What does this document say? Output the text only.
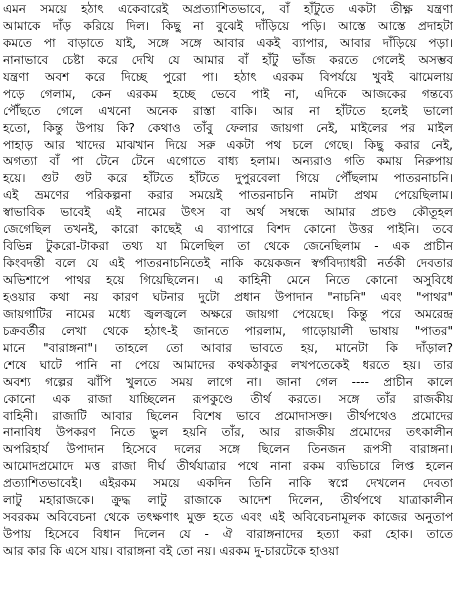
এমন সময়ে হঠাৎ একেবারেই অপ্রত্যাশিতভাবে, বাঁ হাঁটুতে একটা তীক্ষ্ণ যন্ত্রণা
আমাকে দাঁড় করিয়ে দিল। কিছু না বুঝেই দাঁড়িয়ে পড়ি। আস্তে আস্তে প্রদাহটা
কমতে পা বাড়াতে যাই, সঙ্গে সঙ্গে আবার একই ব্যাপার, আবার দাঁড়িয়ে পড়া।
নানাভাবে চেষ্টা করে দেখি যে আমার বাঁ হাঁটু ভাঁজ করতে গেলেই অসম্ভব
যন্ত্রণা অবশ করে দিচ্ছে পুরো পা। হঠাৎ এরকম বিপর্যয়ে খুবই ঝামেলায়
পড়ে গেলাম, কেন এরকম হচ্ছে ভেবে পাই না, এদিকে আজকের গন্তব্যে
পৌঁছতে গেলে এখনো অনেক রাস্তা বাকি। আর না হাঁটতে হলেই ভালো
হতো, কিন্তু উপায় কি? কেথাও তাঁবু ফেলার জায়গা নেই, মাইলের পর মাইল
পাহাড় আর খাদের মাঝখান দিয়ে সরু একটা পথ চলে গেছে। কিছু করার নেই,
অগত্যা বাঁ পা টেনে টেনে এগোতে বাধ্য হলাম। অন্যরাও গতি কমায় নিরুপায়
হয়ে। গুট গুট করে হাঁটতে হাঁটতে দুপুরবেলা গিয়ে পৌঁছলাম পাতরনাচনি।
এই ভ্রমণের পরিকল্পনা করার সময়েই পাতরনাচনি নামটা প্রথম পেয়েছিলাম।
স্বাভাবিক ভাবেই এই নামের উৎস বা অর্থ সম্বন্ধে আমার প্রচণ্ড কৌতূহল
জেগেছিল তখনই, কারো কাছেই এ ব্যাপারে বিশদ কোনো উত্তর পাইনি। তবে
বিভিন্ন টুকরো-টাকরা তথ্য যা মিলেছিল তা থেকে জেনেছিলাম - এক প্রাচীন
কিংবদন্তী বলে যে এই পাতরনাচনিতেই নাকি কয়েকজন স্বর্গবিদ্যাধরী নর্তকী দেবতার
অভিশাপে পাথর হয়ে গিয়েছিলেন। এ কাহিনী মেনে নিতে কোনো অসুবিধে
হওয়ার কথা নয় কারণ ঘটনার দুটো প্রধান উপাদান "নাচনি" এবং "পাথর"
জায়গাটির নামের মধ্যে জ্বলজ্বলে অক্ষরে জায়গা পেয়েছে। কিন্তু পরে অমরেন্দ্র
চক্রবর্তীর লেখা থেকে হঠাৎ-ই জানতে পারলাম, গাড়োয়ালী ভাষায় "পাতর"
মানে "বারাঙ্গনা"। তাহলে তো আবার ভাবতে হয়, মানেটা কি দাঁড়াল?
শেষে ঘাটে পানি না পেয়ে আমাদের কথকঠাকুর লখপতেকেই ধরতে হয়। তার
অবশ্য গল্পের ঝাঁপি খুলতে সময় লাগে না। জানা গেল ---- প্রাচীন কালে
কোনো এক রাজা যাচ্ছিলেন রূপকুণ্ডে তীর্থ করতে। সঙ্গে তাঁর রাজকীয়
বাহিনী। রাজাটি আবার ছিলেন বিশেষ ভাবে প্রমোদাসক্ত। তীর্থপথেও প্রমোদের
নানাবিধ উপকরণ নিতে ভুল হয়নি তাঁর, আর রাজকীয় প্রমোদের তৎকালীন
অপরিহার্য উপাদান হিসেবে দলের সঙ্গে ছিলেন তিনজন রূপসী বারাঙ্গনা।
আমোদপ্রমোদে মত্ত রাজা দীর্ঘ তীর্থযাত্রার পথে নানা রকম ব্যভিচারে লিপ্ত হলেন
প্রত্যাশিতভাবেই। এইরকম সময়ে একদিন তিনি নাকি স্বপ্নে দেখলেন দেবতা
লাটু মহারাজকে। ক্রুদ্ধ লাটু রাজাকে আদেশ দিলেন, তীর্থপথে যাত্রাকালীন
সবরকম অবিবেচনা থেকে তৎক্ষণাৎ মুক্ত হতে এবং এই অবিবেচনামূলক কাজের অনুতাপ
উপায় হিসেবে বিধান দিলেন যে - ঐ বারাঙ্গনাদের হত্যা করা হোক। তাতে
আর কার কি এসে যায়। বারাঙ্গনা বই তো নয়। এরকম দু-চারটেকে হাওয়া
